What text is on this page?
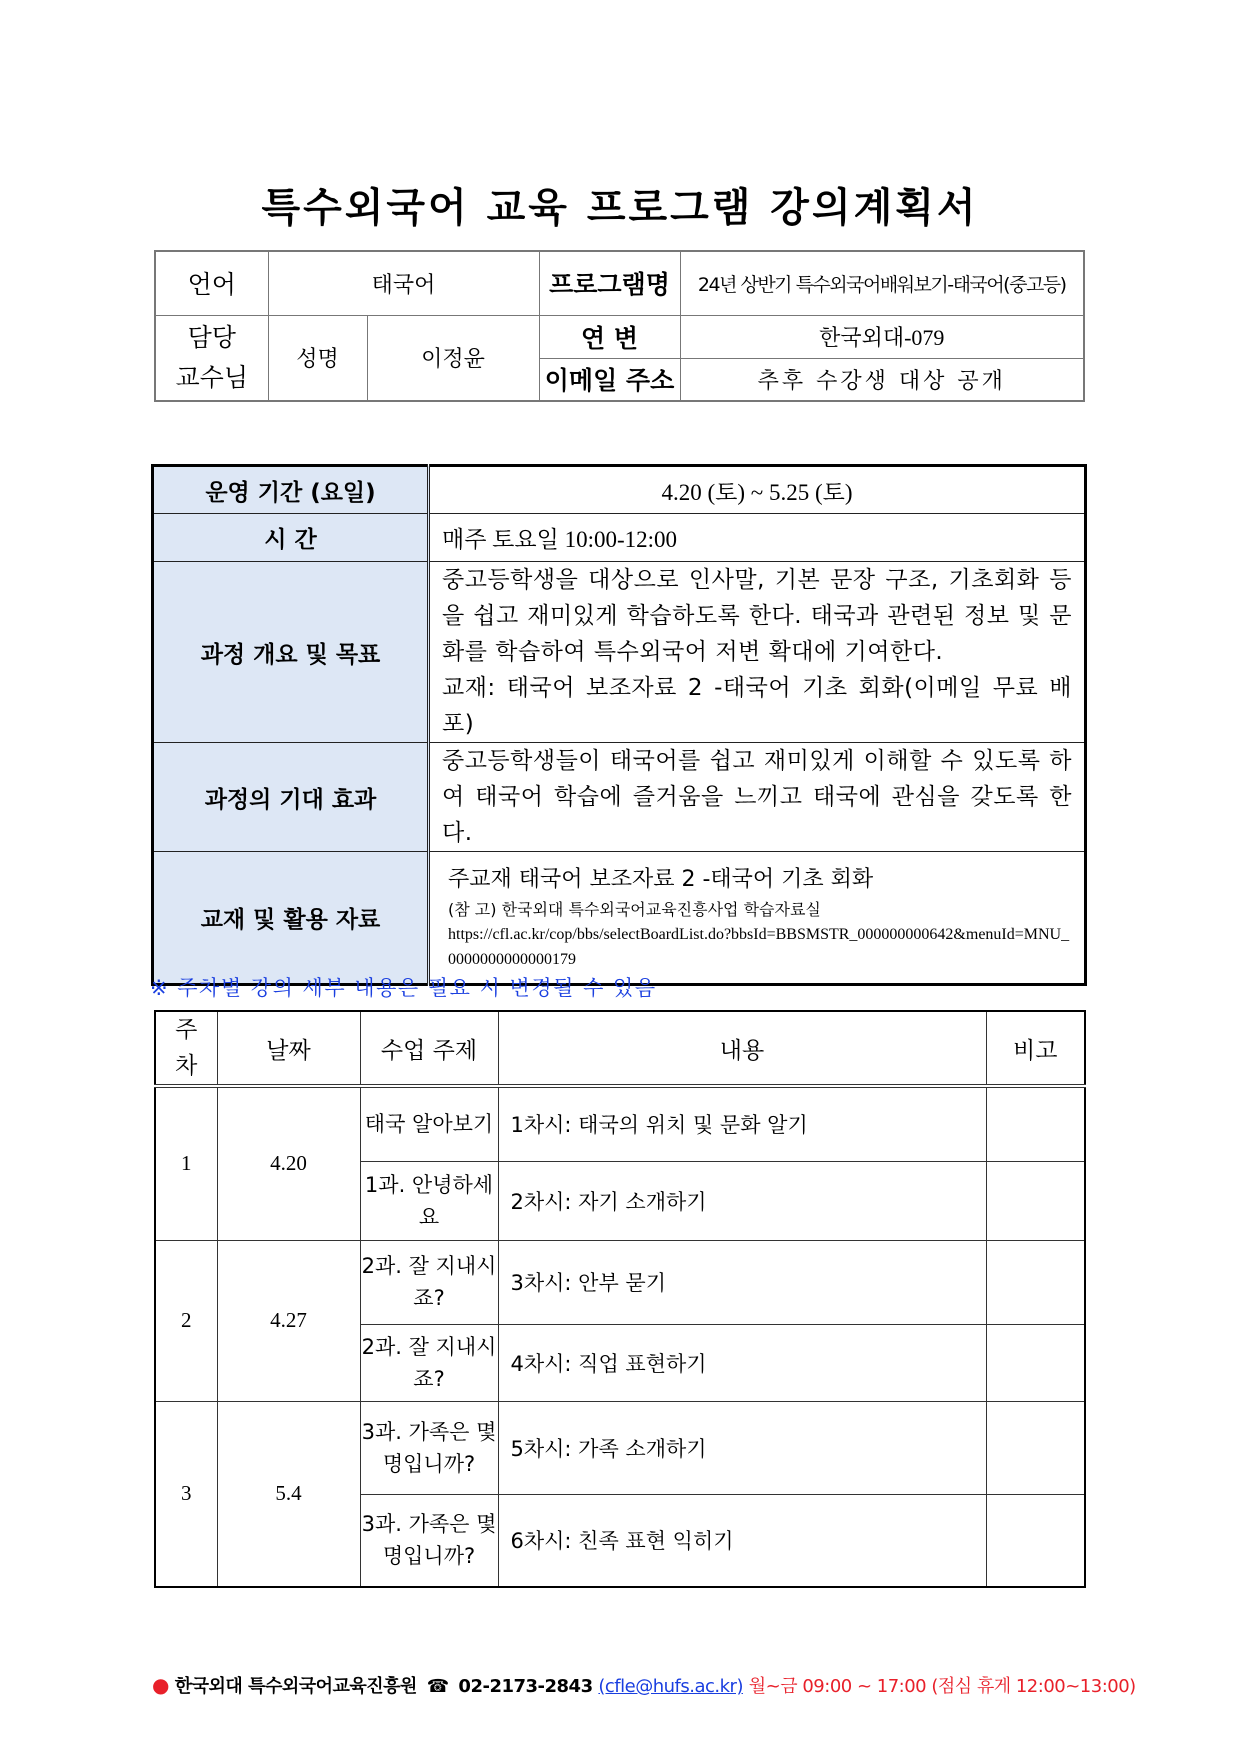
특수외국어 교육 프로그램 강의계획서
언어	태국어		프로그램명	24년 상반기 특수외국어배워보기-태국어(중고등)

담당
교수님	성명	이정윤	연 변	한국외대-079
			이메일 주소	추후 수강생 대상 공개
운영 기간 (요일)	4.20 (토) ~ 5.25 (토)
시 간	매주 토요일 10:00-12:00
과정 개요 및 목표	중고등학생을 대상으로 인사말, 기본 문장 구조, 기초회화 등을 쉽고 재미있게 학습하도록 한다. 태국과 관련된 정보 및 문화를 학습하여 특수외국어 저변 확대에 기여한다.
교재: 태국어 보조자료 2 -태국어 기초 회화(이메일 무료 배포)

과정의 기대 효과	중고등학생들이 태국어를 쉽고 재미있게 이해할 수 있도록 하여 태국어 학습에 즐거움을 느끼고 태국에 관심을 갖도록 한다.

교재 및 활용 자료	주교재 태국어 보조자료 2 -태국어 기초 회화
(참 고) 한국외대 특수외국어교육진흥사업 학습자료실
https://cfl.ac.kr/cop/bbs/selectBoardList.do?bbsId=BBSMSTR_000000000642&menuId=MNU_0000000000000179
※ 주차별 강의 세부 내용은 필요 시 변경될 수 있음
주차	날짜	수업 주제	내용	비고
1	4.20	태국 알아보기	1차시: 태국의 위치 및 문화 알기	
		1과. 안녕하세요	2차시: 자기 소개하기	
2	4.27	2과. 잘 지내시죠?	3차시: 안부 묻기	
		2과. 잘 지내시죠?	4차시: 직업 표현하기	
3	5.4	3과. 가족은 몇 명입니까?	5차시: 가족 소개하기	
		3과. 가족은 몇 명입니까?	6차시: 친족 표현 익히기	
● 한국외대 특수외국어교육진흥원 ☎ 02-2173-2843 (cfle@hufs.ac.kr) 월~금 09:00 ~ 17:00 (점심 휴게 12:00~13:00)
